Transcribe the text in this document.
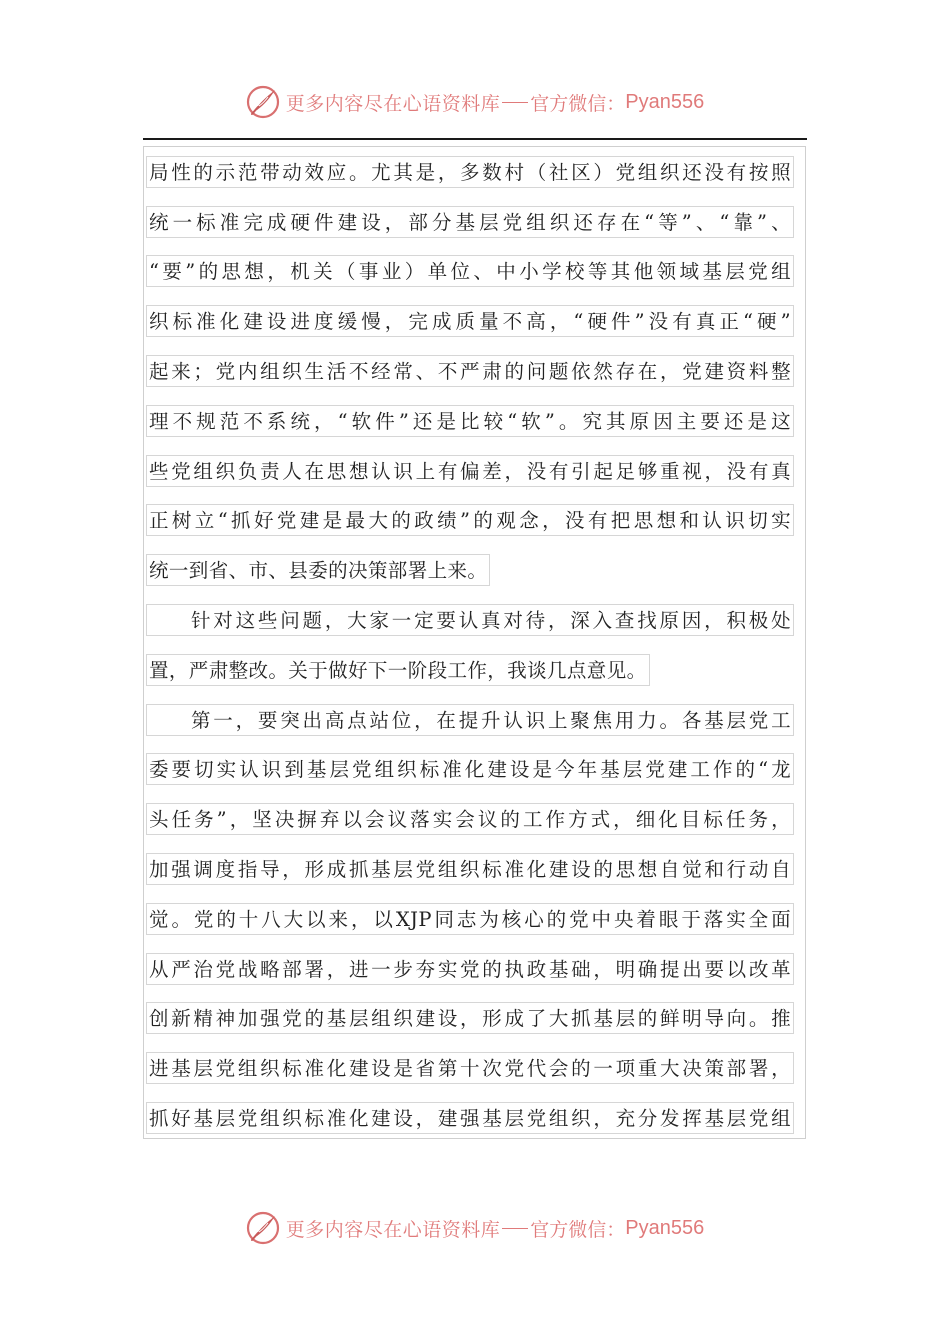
更多内容尽在心语资料库 官方微信： Pyan556
局性的示范带动效应。尤其是，多数村（社区）党组织还没有按照
统一标准完成硬件建设，部分基层党组织还存在“等”、“靠”、
“要”的思想，机关（事业）单位、中小学校等其他领域基层党组
织标准化建设进度缓慢，完成质量不高，“硬件”没有真正“硬”
起来；党内组织生活不经常、不严肃的问题依然存在，党建资料整
理不规范不系统，“软件”还是比较“软”。究其原因主要还是这
些党组织负责人在思想认识上有偏差，没有引起足够重视，没有真
正树立“抓好党建是最大的政绩”的观念，没有把思想和认识切实
统一到省、市、县委的决策部署上来。
针对这些问题，大家一定要认真对待，深入查找原因，积极处
置，严肃整改。关于做好下一阶段工作，我谈几点意见。
第一，要突出高点站位，在提升认识上聚焦用力。各基层党工
委要切实认识到基层党组织标准化建设是今年基层党建工作的“龙
头任务”，坚决摒弃以会议落实会议的工作方式，细化目标任务，
加强调度指导，形成抓基层党组织标准化建设的思想自觉和行动自
觉。党的十八大以来，以XJP同志为核心的党中央着眼于落实全面
从严治党战略部署，进一步夯实党的执政基础，明确提出要以改革
创新精神加强党的基层组织建设，形成了大抓基层的鲜明导向。推
进基层党组织标准化建设是省第十次党代会的一项重大决策部署，
抓好基层党组织标准化建设，建强基层党组织，充分发挥基层党组
更多内容尽在心语资料库 官方微信： Pyan556
